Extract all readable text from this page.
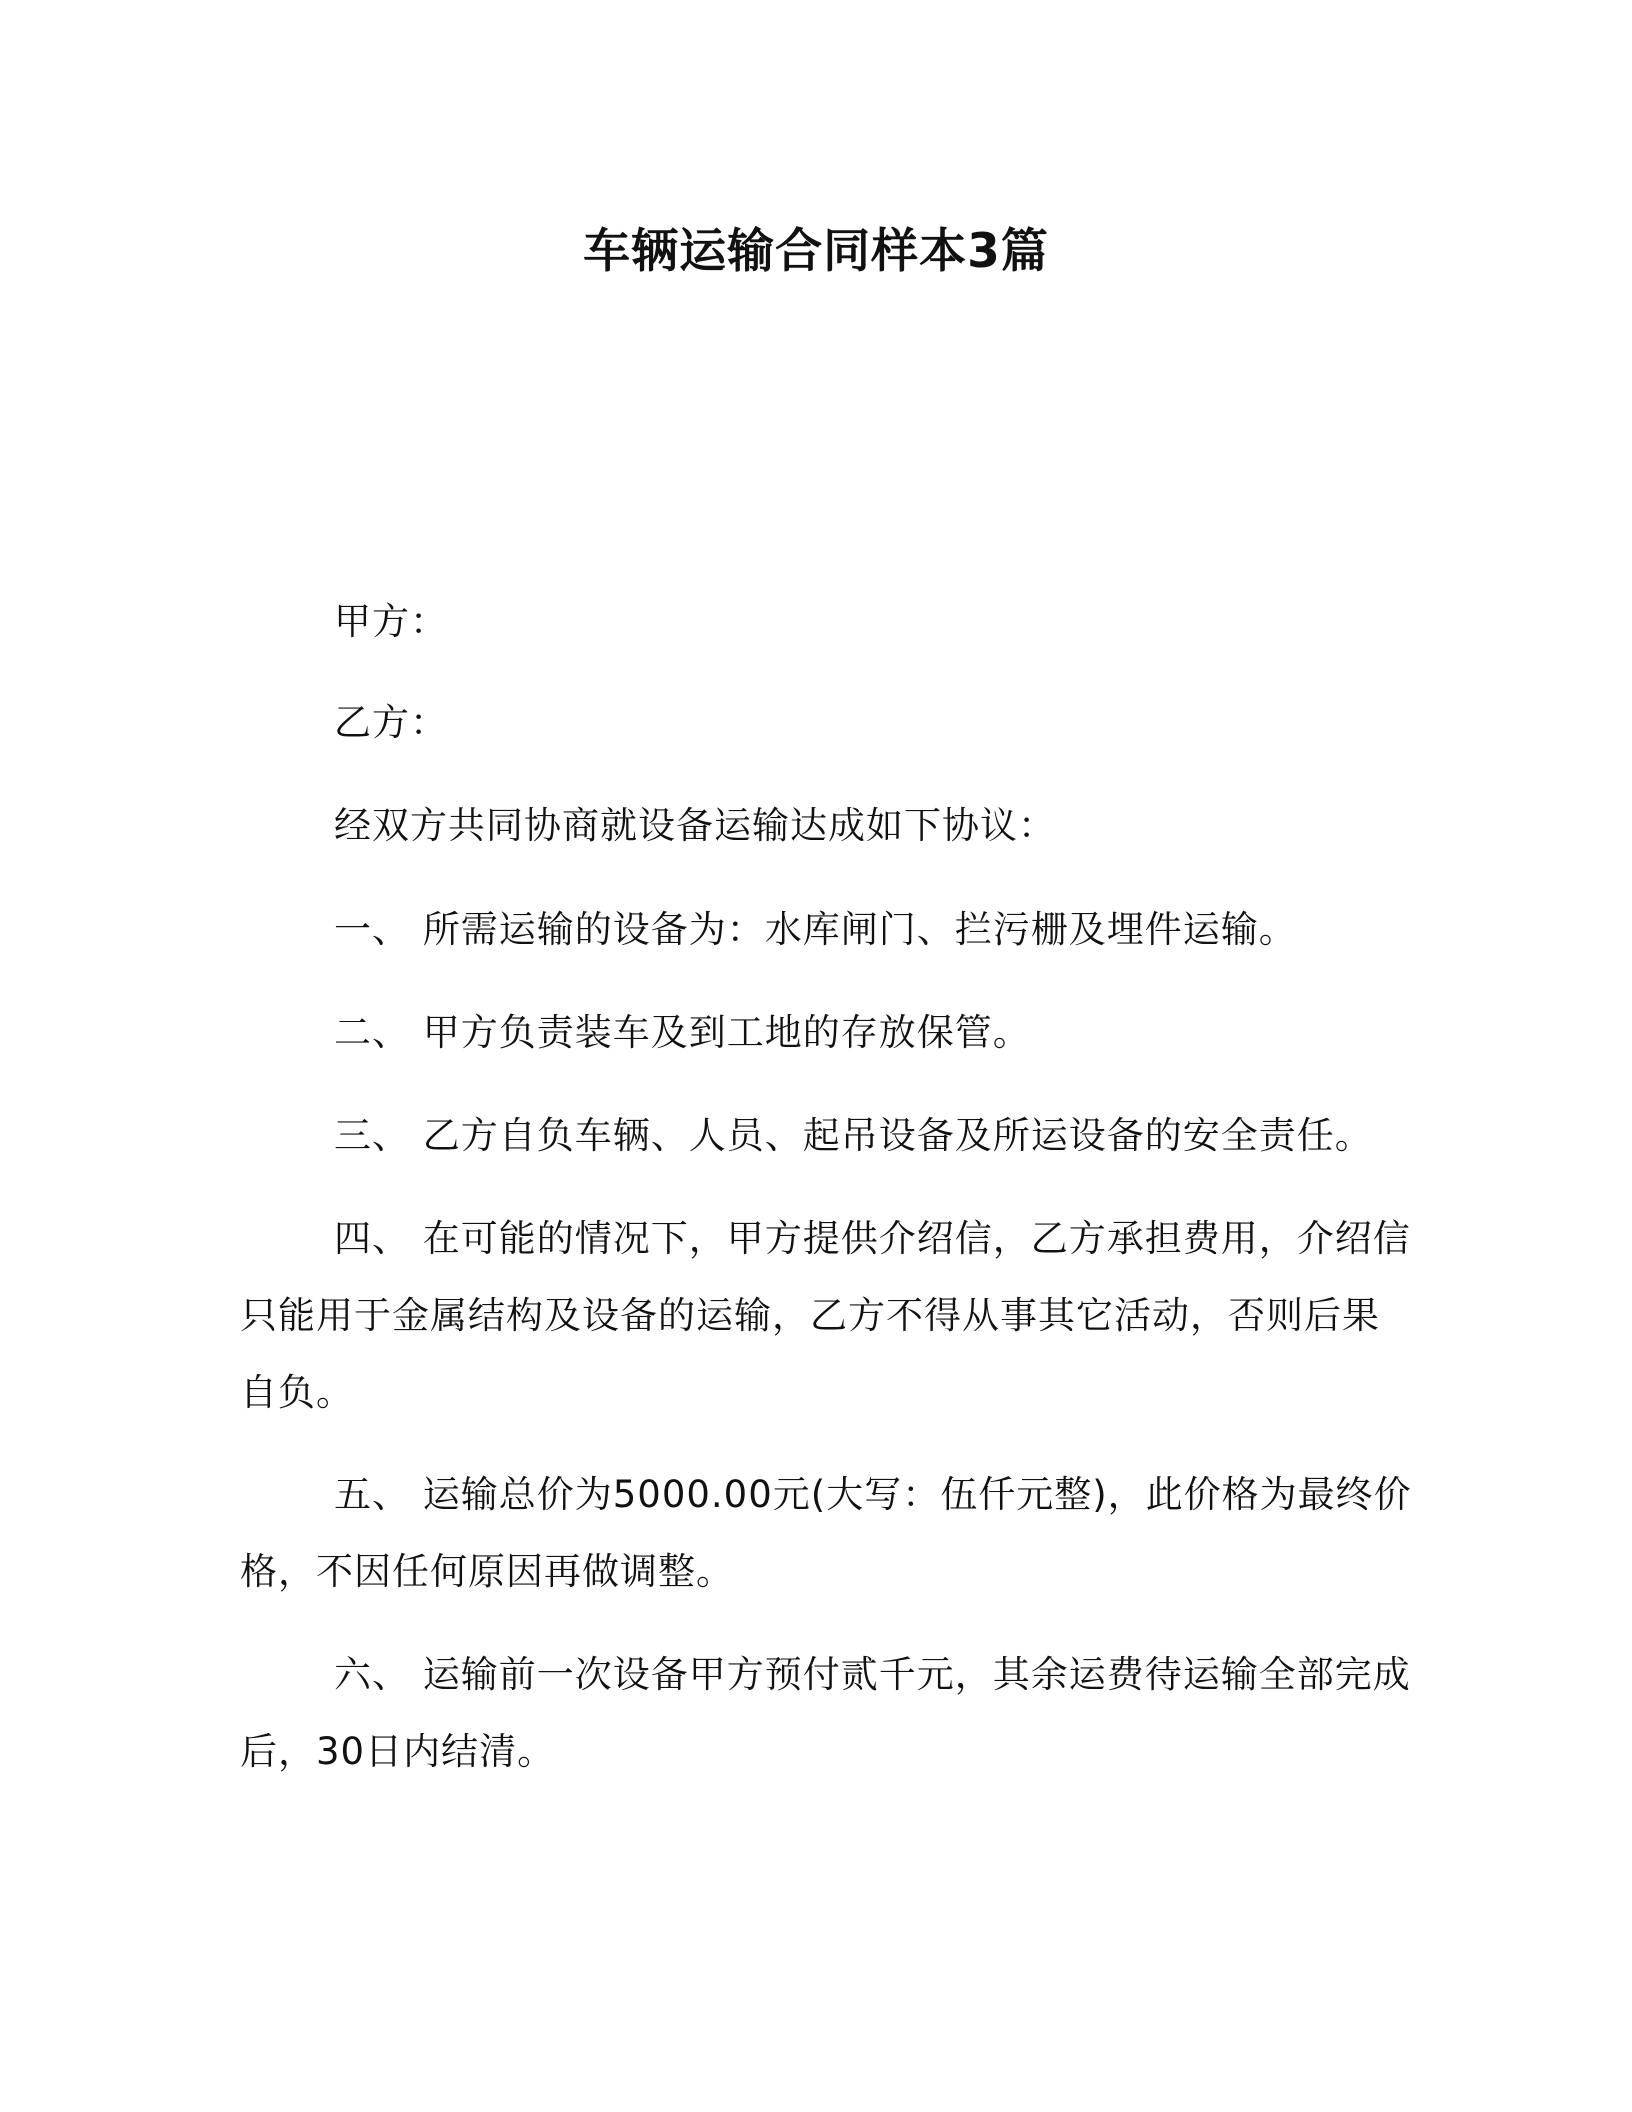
车辆运输合同样本3篇
甲方：
乙方：
经双方共同协商就设备运输达成如下协议：
一、 所需运输的设备为：水库闸门、拦污栅及埋件运输。
二、 甲方负责装车及到工地的存放保管。
三、 乙方自负车辆、人员、起吊设备及所运设备的安全责任。
四、 在可能的情况下，甲方提供介绍信，乙方承担费用，介绍信
只能用于金属结构及设备的运输，乙方不得从事其它活动，否则后果
自负。
五、 运输总价为5000.00元(大写：伍仟元整)，此价格为最终价
格，不因任何原因再做调整。
六、 运输前一次设备甲方预付贰千元，其余运费待运输全部完成
后，30日内结清。
